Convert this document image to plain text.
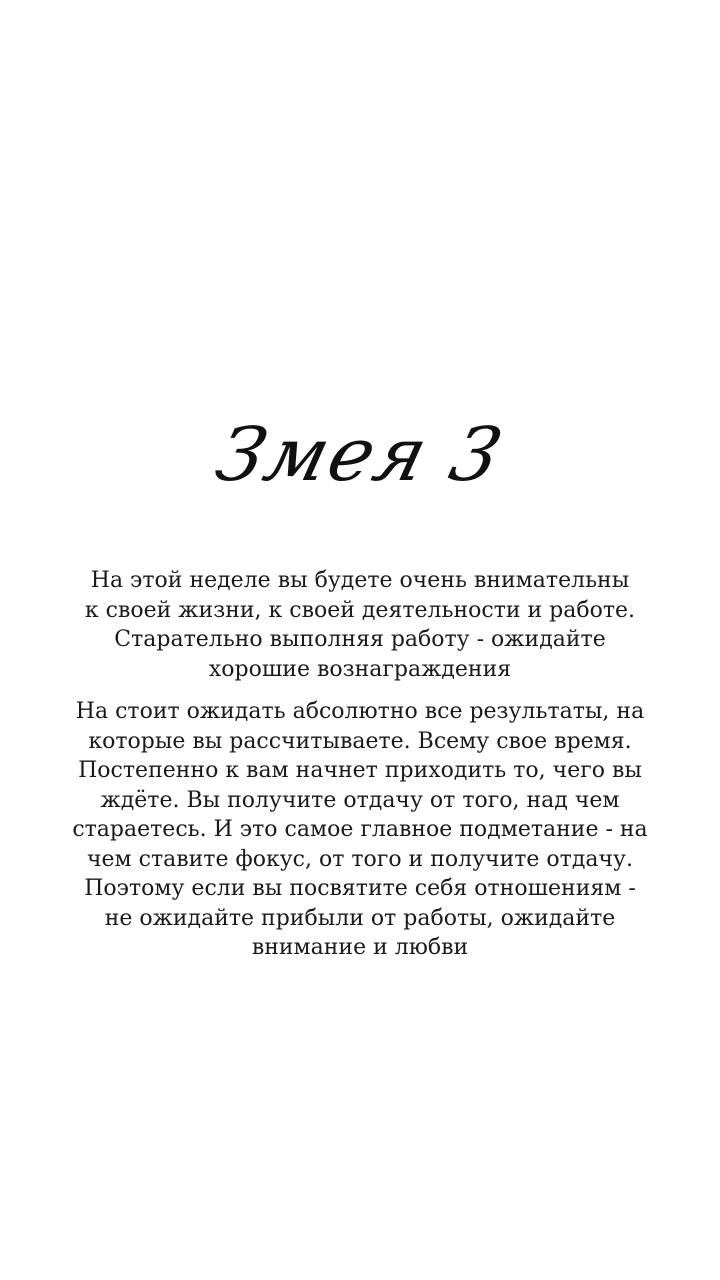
Змея 3
На этой неделе вы будете очень внимательны
к своей жизни, к своей деятельности и работе.
Старательно выполняя работу - ожидайте
хорошие вознаграждения
На стоит ожидать абсолютно все результаты, на
которые вы рассчитываете. Всему свое время.
Постепенно к вам начнет приходить то, чего вы
ждёте. Вы получите отдачу от того, над чем
стараетесь. И это самое главное подметание - на
чем ставите фокус, от того и получите отдачу.
Поэтому если вы посвятите себя отношениям -
не ожидайте прибыли от работы, ожидайте
внимание и любви
